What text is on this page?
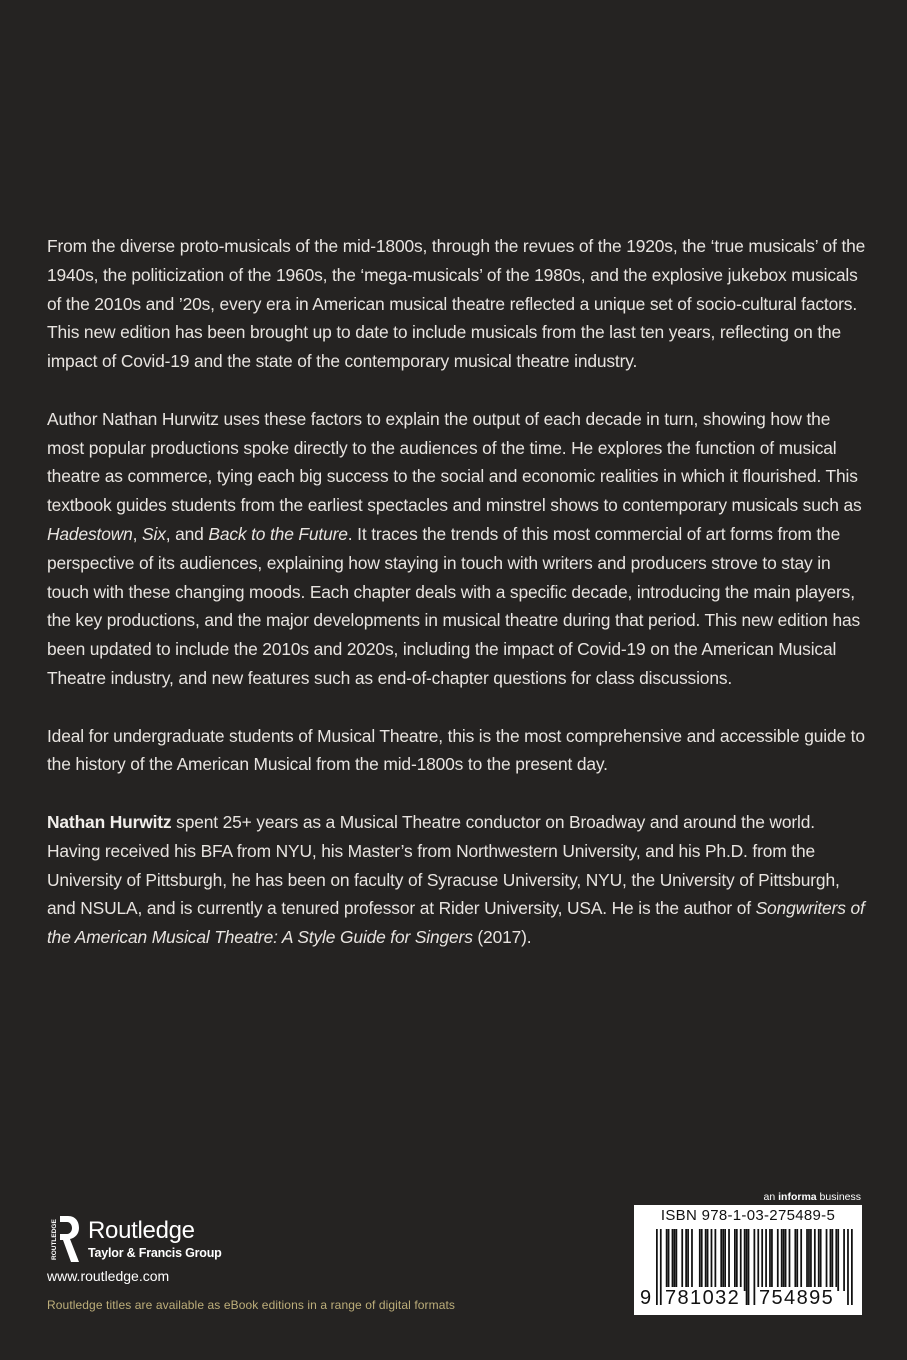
From the diverse proto-musicals of the mid-1800s, through the revues of the 1920s, the ‘true musicals’ of the 1940s, the politicization of the 1960s, the ‘mega-musicals’ of the 1980s, and the explosive jukebox musicals of the 2010s and ’20s, every era in American musical theatre reflected a unique set of socio-cultural factors. This new edition has been brought up to date to include musicals from the last ten years, reflecting on the impact of Covid-19 and the state of the contemporary musical theatre industry.

Author Nathan Hurwitz uses these factors to explain the output of each decade in turn, showing how the most popular productions spoke directly to the audiences of the time. He explores the function of musical theatre as commerce, tying each big success to the social and economic realities in which it flourished. This textbook guides students from the earliest spectacles and minstrel shows to contemporary musicals such as Hadestown, Six, and Back to the Future. It traces the trends of this most commercial of art forms from the perspective of its audiences, explaining how staying in touch with writers and producers strove to stay in touch with these changing moods. Each chapter deals with a specific decade, introducing the main players, the key productions, and the major developments in musical theatre during that period. This new edition has been updated to include the 2010s and 2020s, including the impact of Covid-19 on the American Musical Theatre industry, and new features such as end-of-chapter questions for class discussions.

Ideal for undergraduate students of Musical Theatre, this is the most comprehensive and accessible guide to the history of the American Musical from the mid-1800s to the present day.

Nathan Hurwitz spent 25+ years as a Musical Theatre conductor on Broadway and around the world. Having received his BFA from NYU, his Master’s from Northwestern University, and his Ph.D. from the University of Pittsburgh, he has been on faculty of Syracuse University, NYU, the University of Pittsburgh, and NSULA, and is currently a tenured professor at Rider University, USA. He is the author of Songwriters of the American Musical Theatre: A Style Guide for Singers (2017).

ROUTLEDGE Routledge
Taylor & Francis Group
www.routledge.com
Routledge titles are available as eBook editions in a range of digital formats
an informa business
ISBN 978-1-03-275489-5
9 781032 754895
